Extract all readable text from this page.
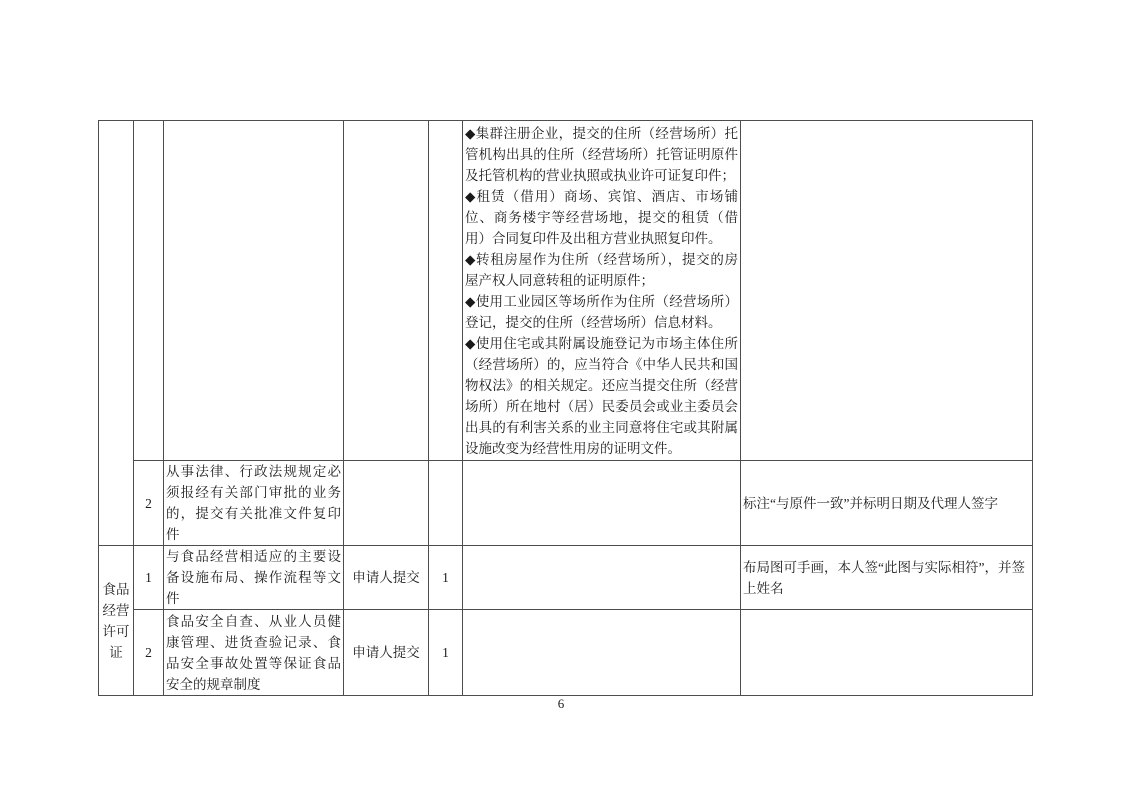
					◆集群注册企业，提交的住所（经营场所）托管机构出具的住所（经营场所）托管证明原件及托管机构的营业执照或执业许可证复印件；
◆租赁（借用）商场、宾馆、酒店、市场铺位、商务楼宇等经营场地，提交的租赁（借用）合同复印件及出租方营业执照复印件。
◆转租房屋作为住所（经营场所），提交的房屋产权人同意转租的证明原件；
◆使用工业园区等场所作为住所（经营场所）登记，提交的住所（经营场所）信息材料。
◆使用住宅或其附属设施登记为市场主体住所（经营场所）的，应当符合《中华人民共和国物权法》的相关规定。还应当提交住所（经营场所）所在地村（居）民委员会或业主委员会出具的有利害关系的业主同意将住宅或其附属设施改变为经营性用房的证明文件。	

	2	从事法律、行政法规规定必须报经有关部门审批的业务的，提交有关批准文件复印件				标注“与原件一致”并标明日期及代理人签字
食品经营许可证	1	与食品经营相适应的主要设备设施布局、操作流程等文件	申请人提交	1		布局图可手画，本人签“此图与实际相符”，并签上姓名
	2	食品安全自查、从业人员健康管理、进货查验记录、食品安全事故处置等保证食品安全的规章制度	申请人提交	1		
6
